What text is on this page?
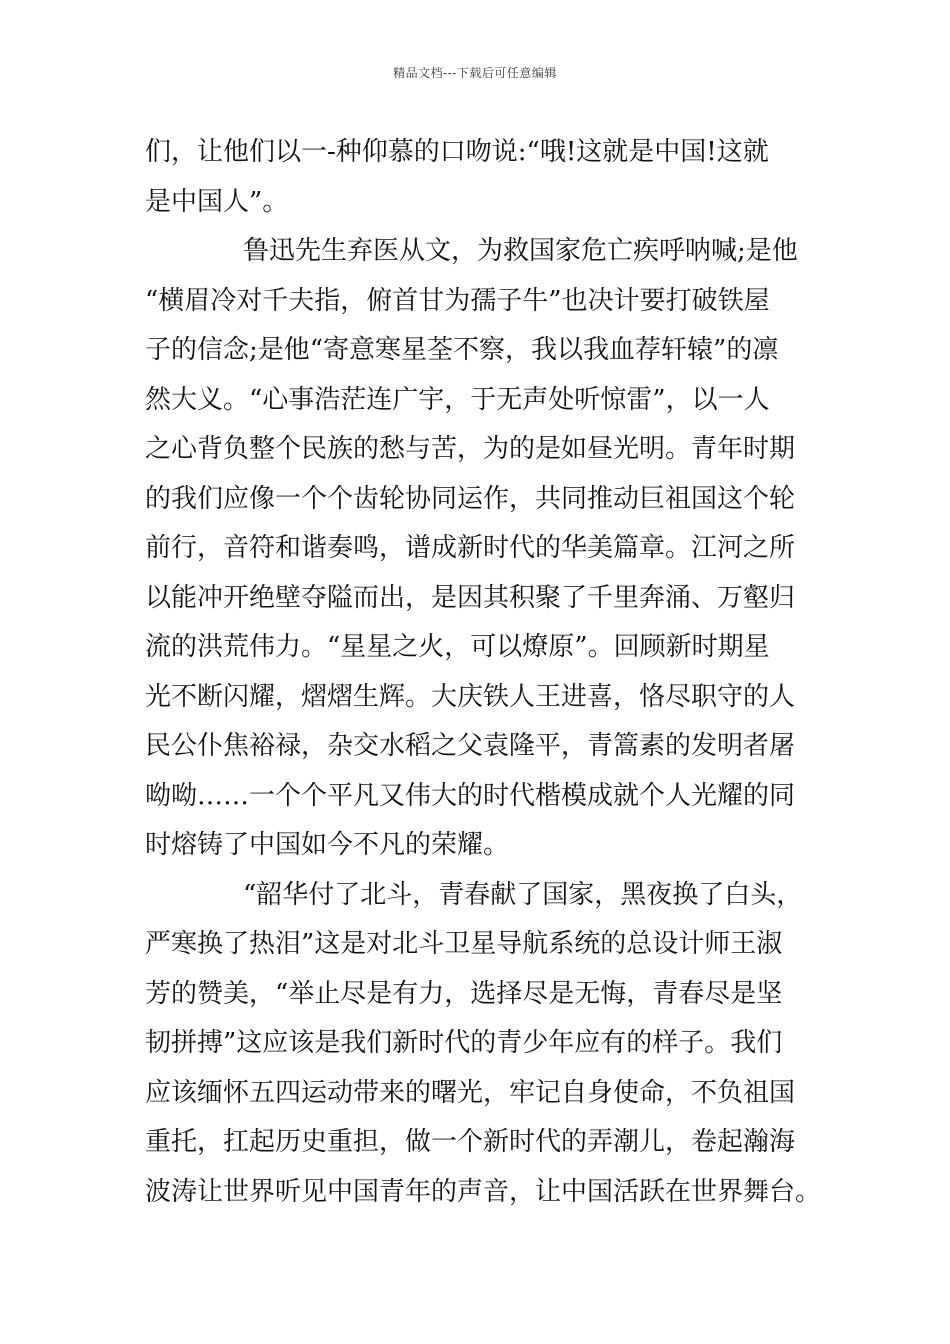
精品文档---下载后可任意编辑
们，让他们以一-种仰慕的口吻说:“哦!这就是中国!这就
是中国人”。
鲁迅先生弃医从文，为救国家危亡疾呼呐喊;是他
“横眉冷对千夫指，俯首甘为孺子牛”也决计要打破铁屋
子的信念;是他“寄意寒星荃不察，我以我血荐轩辕”的凛
然大义。“心事浩茫连广宇，于无声处听惊雷”，以一人
之心背负整个民族的愁与苦，为的是如昼光明。青年时期
的我们应像一个个齿轮协同运作，共同推动巨祖国这个轮
前行，音符和谐奏鸣，谱成新时代的华美篇章。江河之所
以能冲开绝壁夺隘而出，是因其积聚了千里奔涌、万壑归
流的洪荒伟力。“星星之火，可以燎原”。回顾新时期星
光不断闪耀，熠熠生辉。大庆铁人王进喜，恪尽职守的人
民公仆焦裕禄，杂交水稻之父袁隆平，青篙素的发明者屠
呦呦……一个个平凡又伟大的时代楷模成就个人光耀的同
时熔铸了中国如今不凡的荣耀。
“韶华付了北斗，青春献了国家，黑夜换了白头，
严寒换了热泪”这是对北斗卫星导航系统的总设计师王淑
芳的赞美，“举止尽是有力，选择尽是无悔，青春尽是坚
韧拼搏”这应该是我们新时代的青少年应有的样子。我们
应该缅怀五四运动带来的曙光，牢记自身使命，不负祖国
重托，扛起历史重担，做一个新时代的弄潮儿，卷起瀚海
波涛让世界听见中国青年的声音，让中国活跃在世界舞台。
